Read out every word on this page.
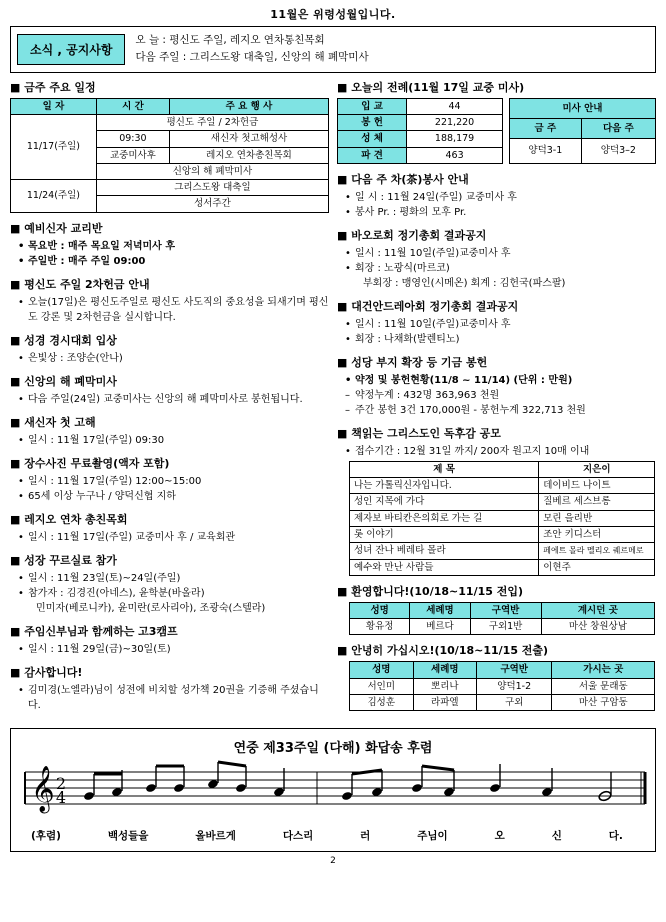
11월은 위령성월입니다.
소식 , 공지사항
오 늘 : 평신도 주일, 레지오 연차통친목회
다음 주일 : 그리스도왕 대축일, 신앙의 해 폐막미사
■ 금주 주요 일정
일 자	시 간	주 요 행 사
11/17(주일)	평신도 주일 / 2차헌금	
	09:30	새신자 첫고해성사
	교중미사후	레지오 연차총친목회
	신앙의 해 폐막미사	
11/24(주일)	그리스도왕 대축일	
	성서주간	
■ 예비신자 교리반
• 목요반 : 매주 목요일 저녁미사 후
• 주일반 : 매주 주일 09:00
■ 평신도 주일 2차헌금 안내
• 오늘(17일)은 평신도주일로 평신도 사도직의 중요성을 되새기며 평신도 강론 및 2차헌금을 실시합니다.
■ 성경 경시대회 입상
• 은빛상 : 조양순(안나)
■ 신앙의 해 폐막미사
• 다음 주일(24일) 교중미사는 신앙의 해 폐막미사로 봉헌됩니다.
■ 새신자 첫 고해
• 일시 : 11월 17일(주일) 09:30
■ 장수사진 무료촬영(액자 포함)
• 일시 : 11월 17일(주일) 12:00~15:00
• 65세 이상 누구나 / 양덕신협 지하
■ 레지오 연차 총친목회
• 일시 : 11월 17일(주일) 교중미사 후 / 교육회관
■ 성장 꾸르실료 참가
• 일시 : 11월 23일(토)~24일(주일)
• 참가자 : 김경진(아네스), 윤학분(바올라)
민미자(베로니카), 윤미란(로사리아), 조광숙(스텔라)
■ 주임신부님과 함께하는 고3캠프
• 일시 : 11월 29일(금)~30일(토)
■ 감사합니다!
• 김미경(노엘라)님이 성전에 비치할 성가책 20권을 기증해 주셨습니다.
■ 오늘의 전례(11월 17일 교중 미사)
입 교	44
봉 헌	221,220
성 체	188,179
파 견	463
미사 안내	
금 주	다음 주
양덕3-1	양덕3–2
■ 다음 주 차(茶)봉사 안내
• 일 시 : 11월 24일(주일) 교중미사 후
• 봉사 Pr. : 평화의 모후 Pr.
■ 바오로회 정기총회 결과공지
• 일시 : 11월 10일(주일)교중미사 후
• 회장 : 노광식(마르코)
부회장 : 맹영인(시메온) 회계 : 김헌국(파스팔)
■ 대건안드레아회 정기총회 결과공지
• 일시 : 11월 10일(주일)교중미사 후
• 회장 : 나채화(발렌티노)
■ 성당 부지 확장 등 기금 봉헌
• 약정 및 봉헌현황(11/8 ~ 11/14) (단위 : 만원)
– 약정누계 : 432명 363,963 천원
– 주간 봉헌 3건 170,000원 - 봉헌누계 322,713 천원
■ 책읽는 그리스도인 독후감 공모
• 접수기간 : 12월 31일 까지/ 200자 원고지 10매 이내
제 목	지은이
나는 가톨릭신자입니다.	데이비드 나이트
성인 지목에 가다	질베르 세스브롱
제자보 바티칸은의회로 가는 길	모린 을리반
롯 이야기	조안 키디스터
성녀 잔나 베레타 몰라	페에트 몰라 멜리오 퀘르메로
예수와 만난 사람들	이현주
■ 환영합니다!(10/18~11/15 전입)
성명	세례명	구역반	계시던 곳
황유정	베르다	구외1반	마산 창원상남
■ 안녕히 가십시오!(10/18~11/15 전출)
성명	세례명	구역반	가시는 곳
서인미	뽀리나	양덕1-2	서울 문래동
김성훈	라파엘	구외	마산 구암동
연중 제33주일 (다해) 화답송 후렴
𝄞 2
4
(후렴)	백성들을	올바르게	다스리	러	주님이	오	신	다.
2
